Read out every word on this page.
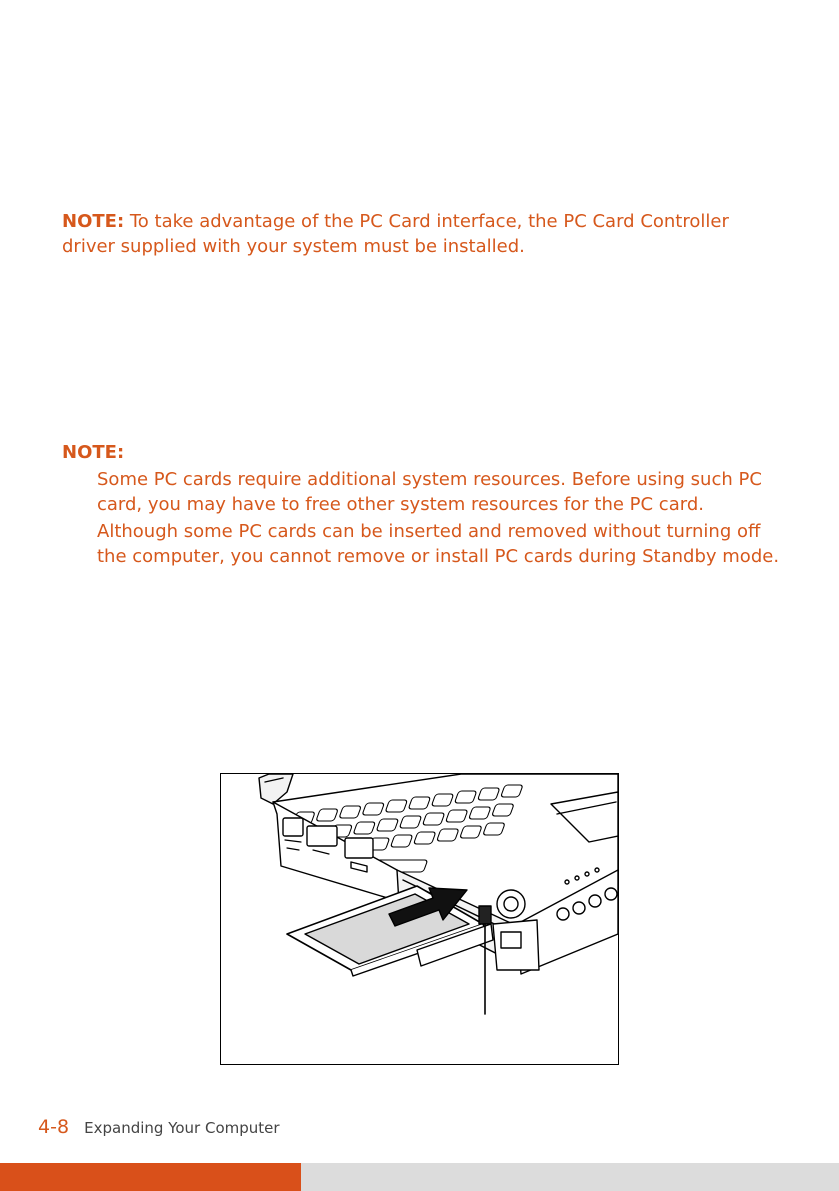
NOTE: To take advantage of the PC Card interface, the PC Card Controller driver supplied with your system must be installed.

NOTE:

Some PC cards require additional system resources. Before using such PC card, you may have to free other system resources for the PC card.

Although some PC cards can be inserted and removed without turning off the computer, you cannot remove or install PC cards during Standby mode.

4-8 Expanding Your Computer
